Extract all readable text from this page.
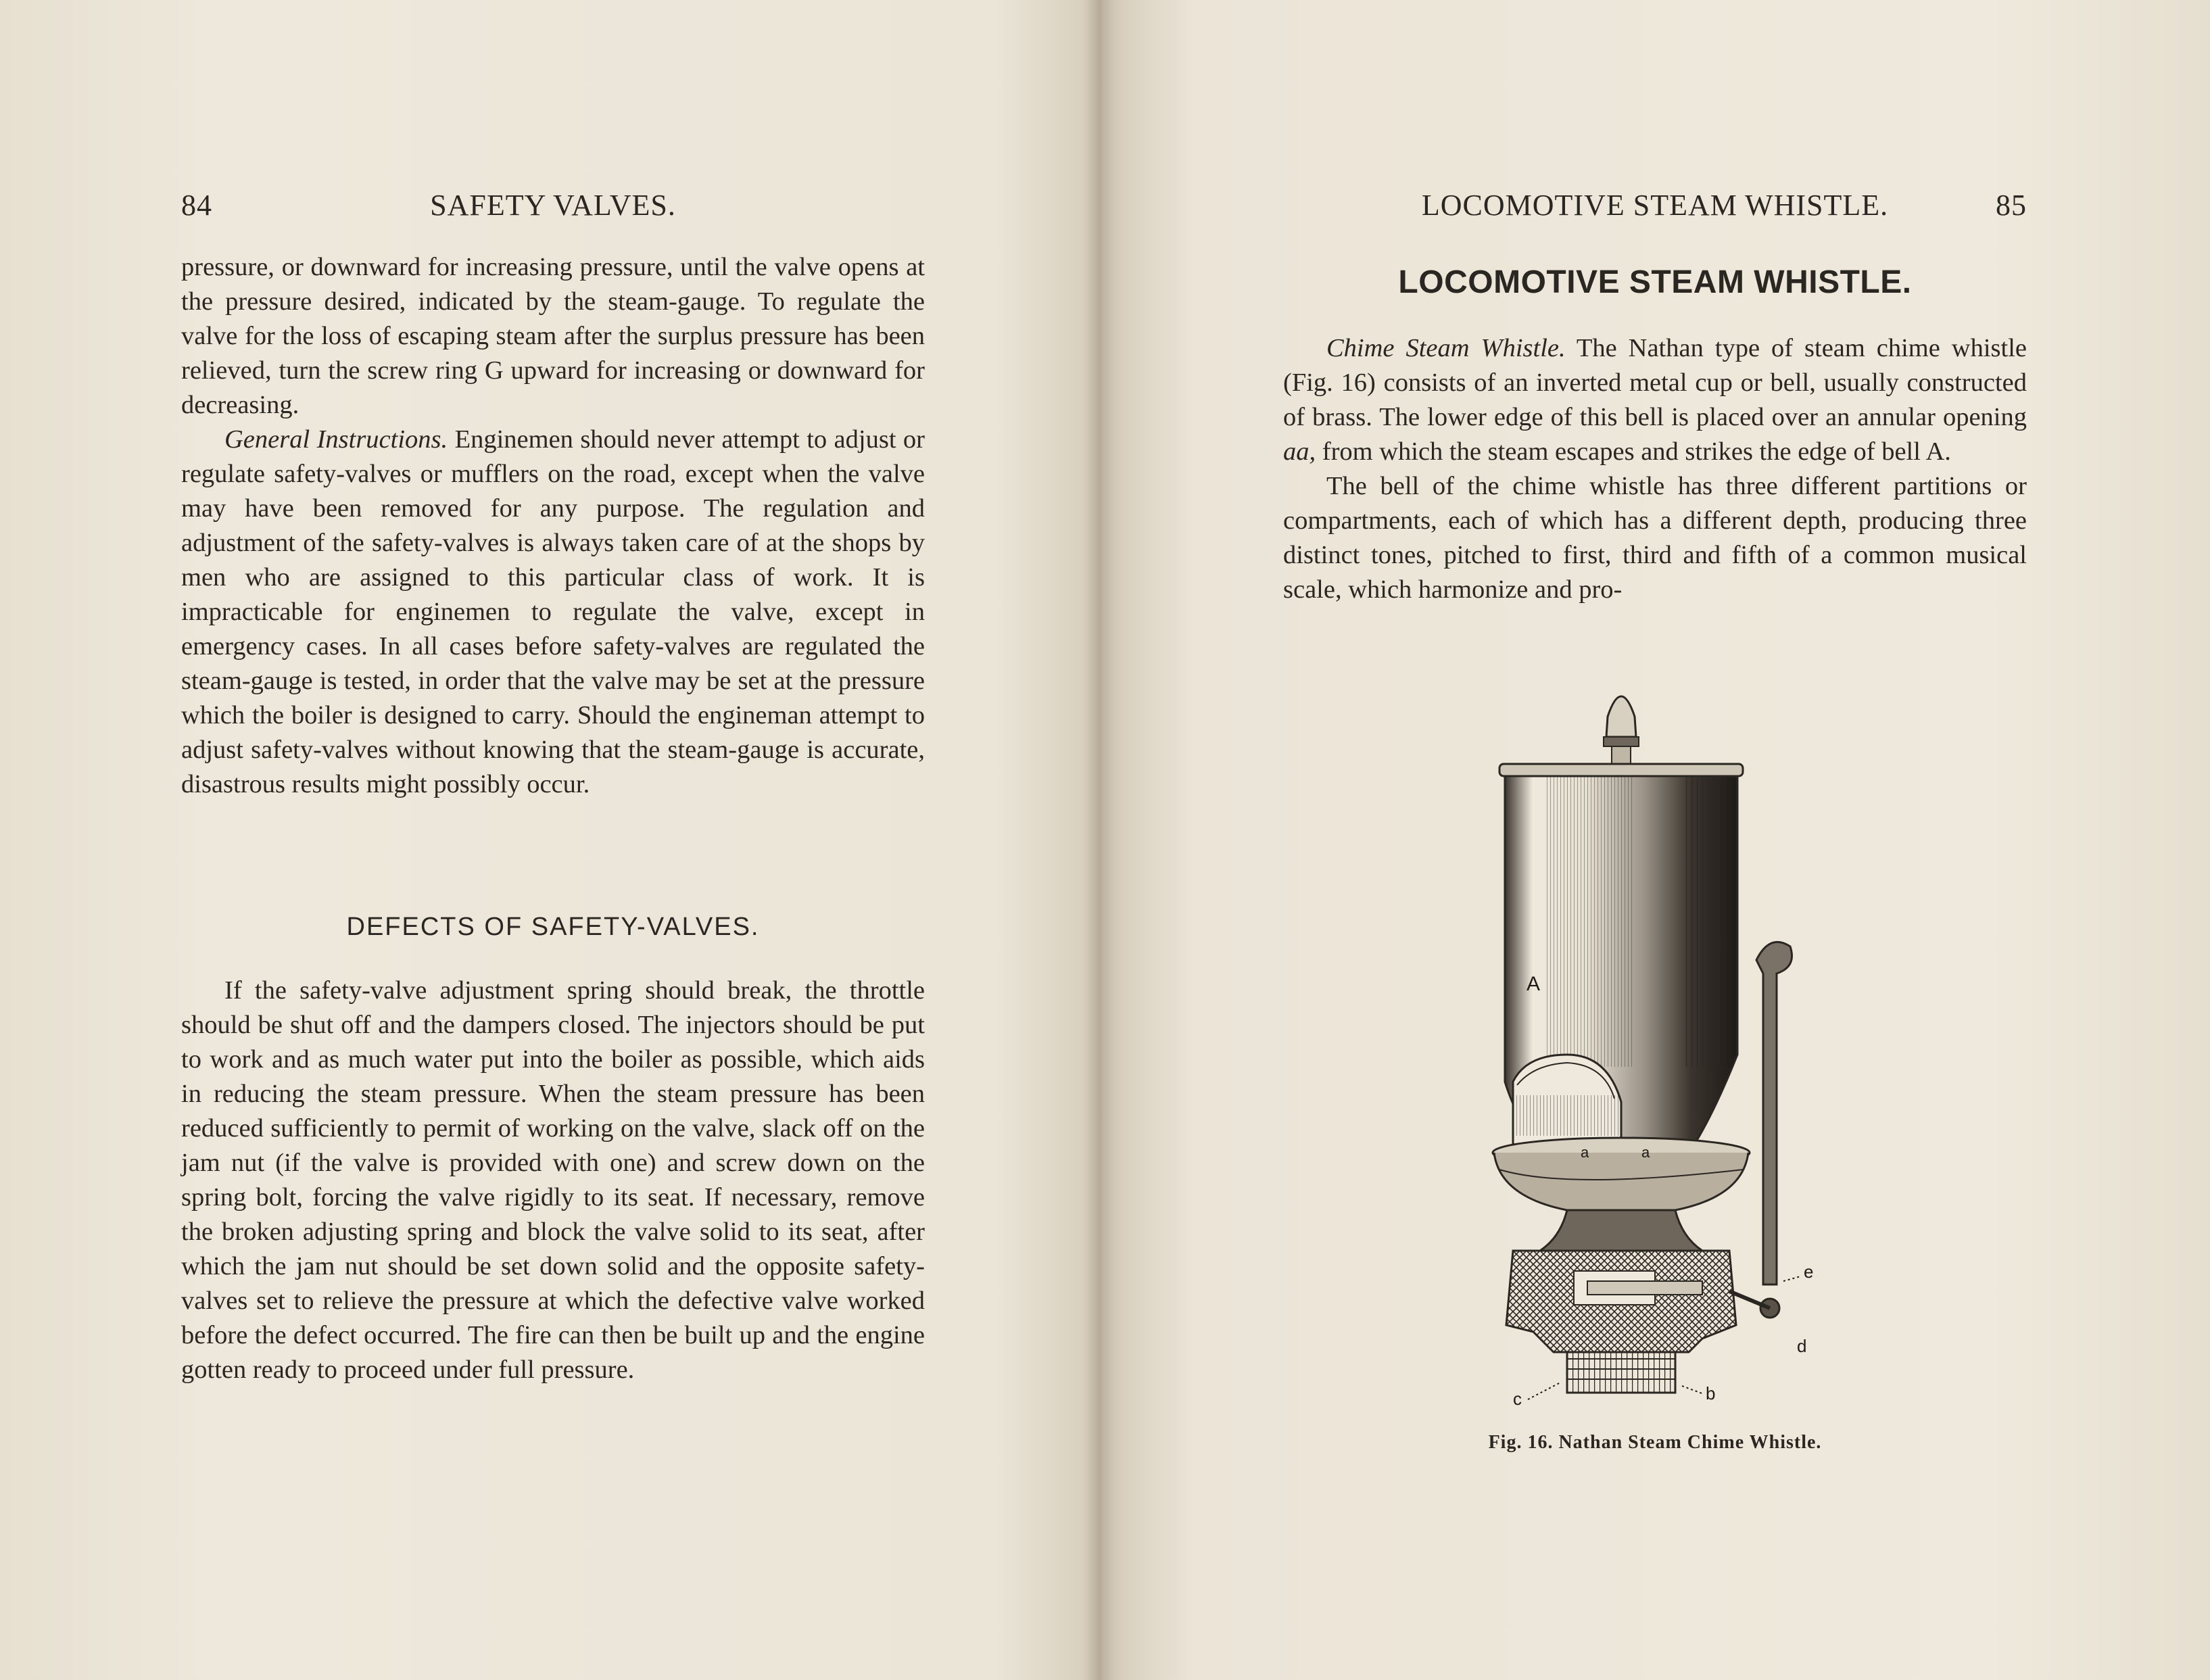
84	SAFETY VALVES.

pressure, or downward for increasing pressure, until the valve opens at the pressure desired, indicated by the steam-gauge. To regulate the valve for the loss of escaping steam after the surplus pressure has been relieved, turn the screw ring G upward for increasing or downward for decreasing.

General Instructions. Enginemen should never attempt to adjust or regulate safety-valves or mufflers on the road, except when the valve may have been removed for any purpose. The regulation and adjustment of the safety-valves is always taken care of at the shops by men who are assigned to this particular class of work. It is impracticable for enginemen to regulate the valve, except in emergency cases. In all cases before safety-valves are regulated the steam-gauge is tested, in order that the valve may be set at the pressure which the boiler is designed to carry. Should the engineman attempt to adjust safety-valves without knowing that the steam-gauge is accurate, disastrous results might possibly occur.

DEFECTS OF SAFETY-VALVES.

If the safety-valve adjustment spring should break, the throttle should be shut off and the dampers closed. The injectors should be put to work and as much water put into the boiler as possible, which aids in reducing the steam pressure. When the steam pressure has been reduced sufficiently to permit of working on the valve, slack off on the jam nut (if the valve is provided with one) and screw down on the spring bolt, forcing the valve rigidly to its seat. If necessary, remove the broken adjusting spring and block the valve solid to its seat, after which the jam nut should be set down solid and the opposite safety-valves set to relieve the pressure at which the defective valve worked before the defect occurred. The fire can then be built up and the engine gotten ready to proceed under full pressure.

LOCOMOTIVE STEAM WHISTLE.	85
LOCOMOTIVE STEAM WHISTLE.

Chime Steam Whistle. The Nathan type of steam chime whistle (Fig. 16) consists of an inverted metal cup or bell, usually constructed of brass. The lower edge of this bell is placed over an annular opening aa, from which the steam escapes and strikes the edge of bell A.

The bell of the chime whistle has three different partitions or compartments, each of which has a different depth, producing three distinct tones, pitched to first, third and fifth of a common musical scale, which harmonize and pro-

A
a	a
e
d
b
c
Fig. 16. Nathan Steam Chime Whistle.
